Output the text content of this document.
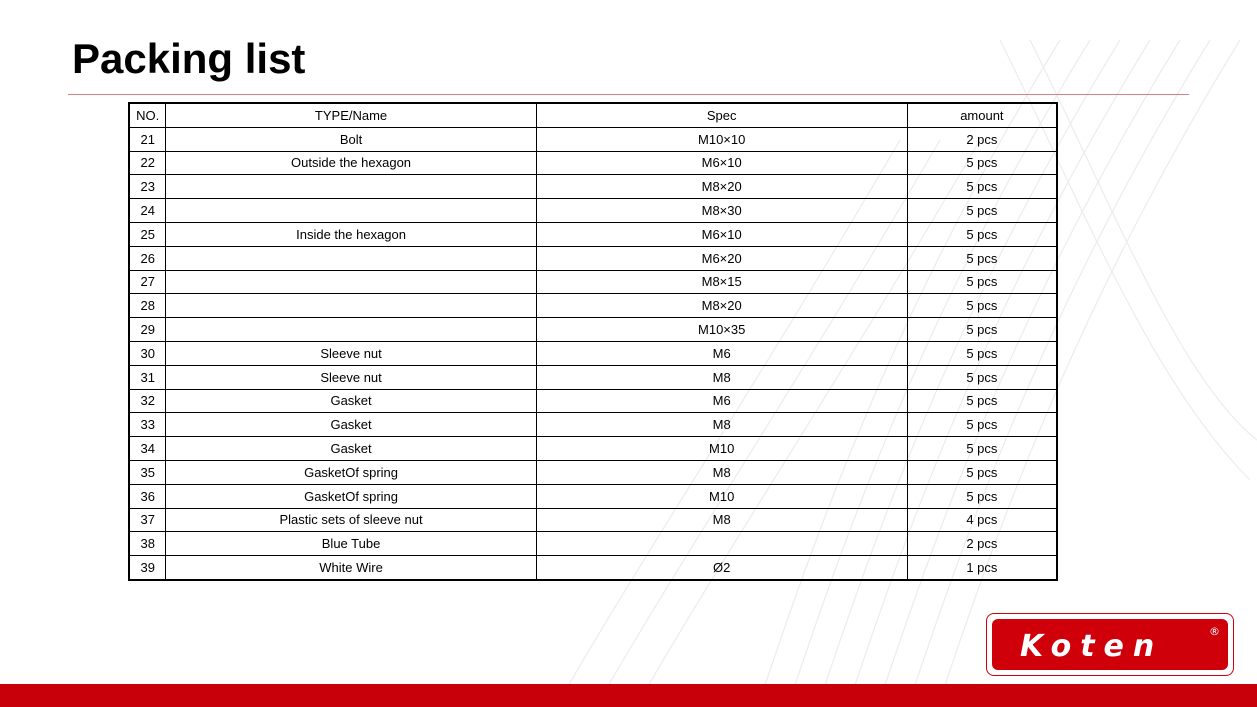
Packing list
NO.	TYPE/Name	Spec	amount
21	Bolt	M10×10	2 pcs
22	Outside the hexagon	M6×10	5 pcs
23		M8×20	5 pcs
24		M8×30	5 pcs
25	Inside the hexagon	M6×10	5 pcs
26		M6×20	5 pcs
27		M8×15	5 pcs
28		M8×20	5 pcs
29		M10×35	5 pcs
30	Sleeve nut	M6	5 pcs
31	Sleeve nut	M8	5 pcs
32	Gasket	M6	5 pcs
33	Gasket	M8	5 pcs
34	Gasket	M10	5 pcs
35	GasketOf spring	M8	5 pcs
36	GasketOf spring	M10	5 pcs
37	Plastic sets of sleeve nut	M8	4 pcs
38	Blue Tube		2 pcs
39	White Wire	Ø2	1 pcs
Koten	®
